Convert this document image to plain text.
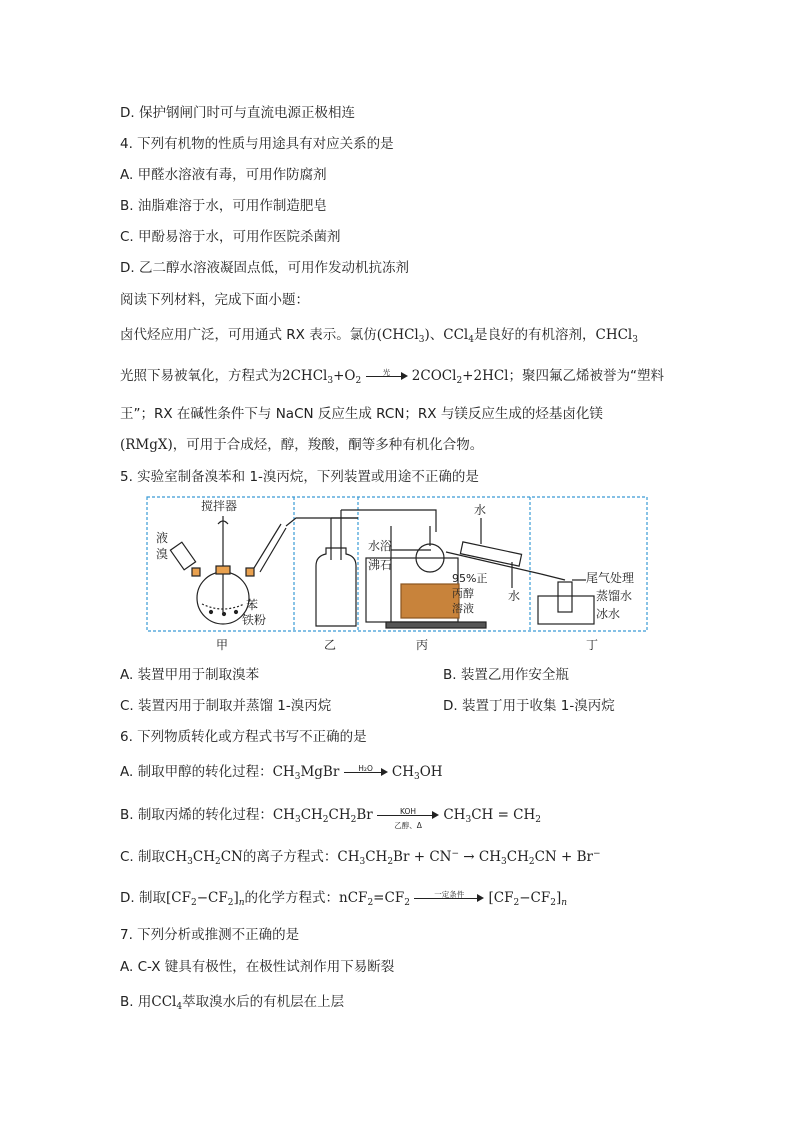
D. 保护钢闸门时可与直流电源正极相连
4. 下列有机物的性质与用途具有对应关系的是
A. 甲醛水溶液有毒，可用作防腐剂
B. 油脂难溶于水，可用作制造肥皂
C. 甲酚易溶于水，可用作医院杀菌剂
D. 乙二醇水溶液凝固点低，可用作发动机抗冻剂
阅读下列材料，完成下面小题：
卤代烃应用广泛，可用通式 RX 表示。氯仿(CHCl$_3$)、CCl$_4$是良好的有机溶剂，CHCl$_3$
光照下易被氧化，方程式为$2CHCl_3+O_2$
光	2COCl$_2$+2HCl；聚四氟乙烯被誉为“塑料
王”；RX 在碱性条件下与 NaCN 反应生成 RCN；RX 与镁反应生成的烃基卤化镁
(RMgX)，可用于合成烃，醇，羧酸，酮等多种有机化合物。
5. 实验室制备溴苯和 1-溴丙烷，下列装置或用途不正确的是
搅拌器
液
溴
苯
铁粉
水浴
沸石
95%正
丙醇
溶液
水
水
尾气处理
蒸馏水
冰水
甲	乙	丙	丁
A. 装置甲用于制取溴苯	B. 装置乙用作安全瓶
C. 装置丙用于制取并蒸馏 1-溴丙烷	D. 装置丁用于收集 1-溴丙烷
6. 下列物质转化或方程式书写不正确的是
A. 制取甲醇的转化过程：$CH_3MgBr$	H₂O	$CH_3OH$
B. 制取丙烯的转化过程：$CH_3CH_2CH_2Br$	KOH
乙醇、Δ
$CH_3CH = CH_2$
C. 制取$CH_3CH_2CN$的离子方程式：$CH_3CH_2Br + CN^- \to CH_3CH_2CN + Br^-$
D. 制取$[CF_2-CF_2]_n$的化学方程式：$nCF_2=CF_2$
一定条件	$[CF_2-CF_2]_n$
7. 下列分析或推测不正确的是
A. C-X 键具有极性，在极性试剂作用下易断裂
B. 用CCl$_4$萃取溴水后的有机层在上层
